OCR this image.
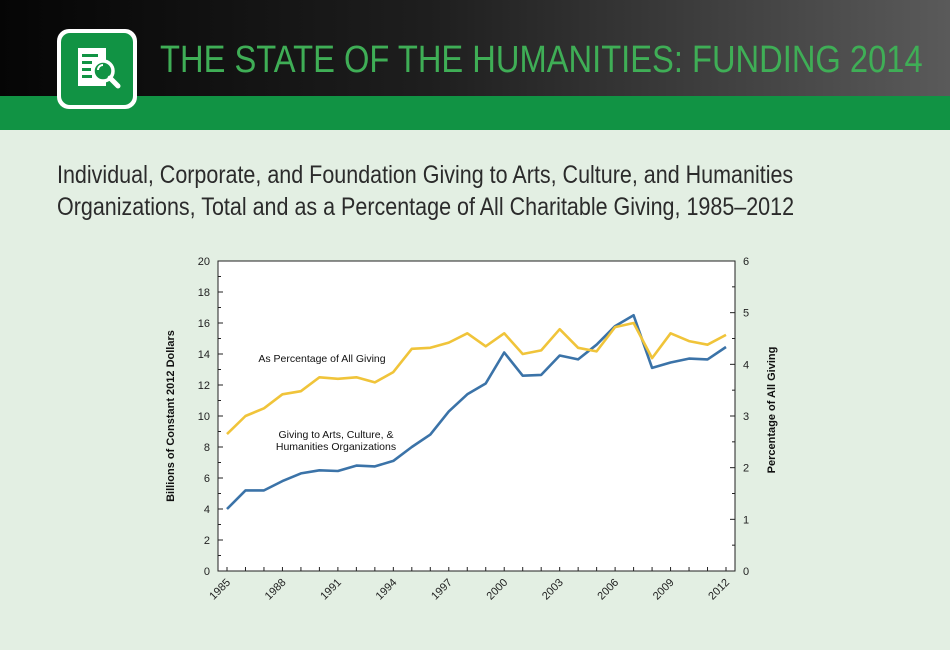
THE STATE OF THE HUMANITIES: FUNDING 2014
Individual, Corporate, and Foundation Giving to Arts, Culture, and Humanities
Organizations, Total and as a Percentage of All Charitable Giving, 1985–2012
0
2
4
6
8
10
12
14
16
18
20
0
1
2
3
4
5
6
1985	1988	1991	1994	1997	2000	2003	2006	2009	2012
Billions of Constant 2012 Dollars	Percentage of All Giving
As Percentage of All Giving
Giving to Arts, Culture, &
Humanities Organizations
